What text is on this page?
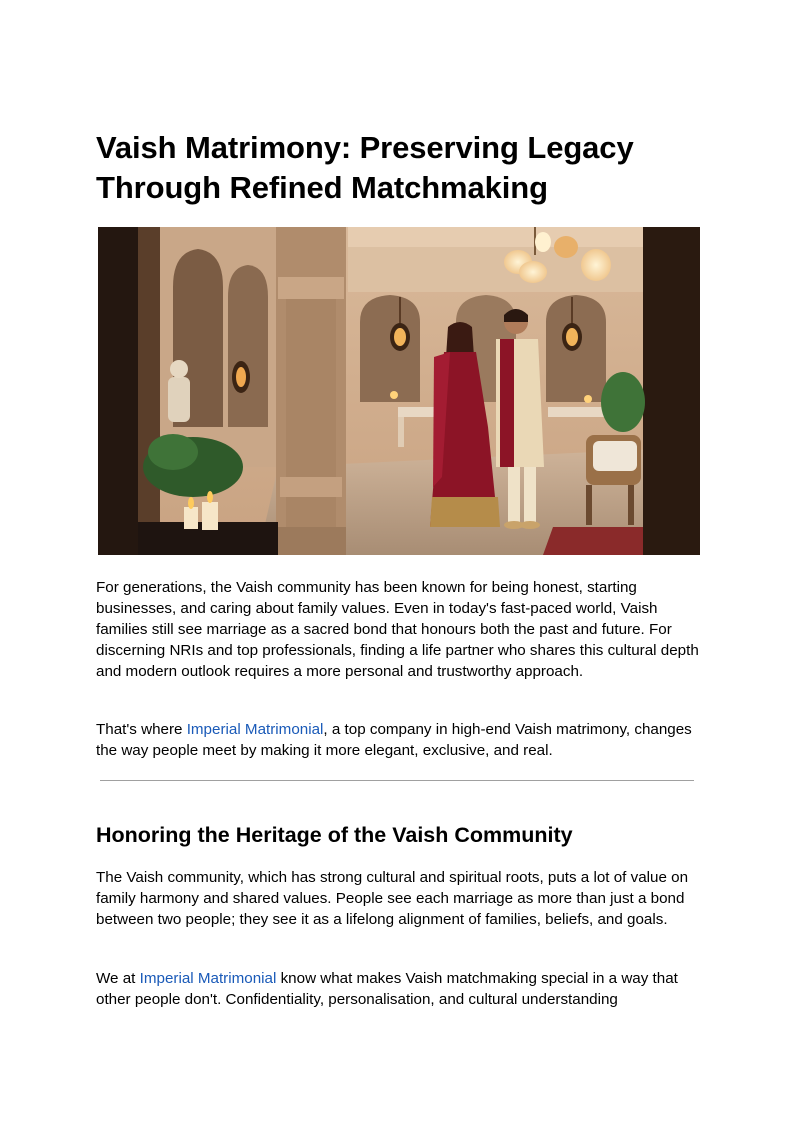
Vaish Matrimony: Preserving Legacy Through Refined Matchmaking

For generations, the Vaish community has been known for being honest, starting businesses, and caring about family values. Even in today's fast-paced world, Vaish families still see marriage as a sacred bond that honours both the past and future. For discerning NRIs and top professionals, finding a life partner who shares this cultural depth and modern outlook requires a more personal and trustworthy approach.

That's where Imperial Matrimonial, a top company in high-end Vaish matrimony, changes the way people meet by making it more elegant, exclusive, and real.

Honoring the Heritage of the Vaish Community

The Vaish community, which has strong cultural and spiritual roots, puts a lot of value on family harmony and shared values. People see each marriage as more than just a bond between two people; they see it as a lifelong alignment of families, beliefs, and goals.

We at Imperial Matrimonial know what makes Vaish matchmaking special in a way that other people don't. Confidentiality, personalisation, and cultural understanding
